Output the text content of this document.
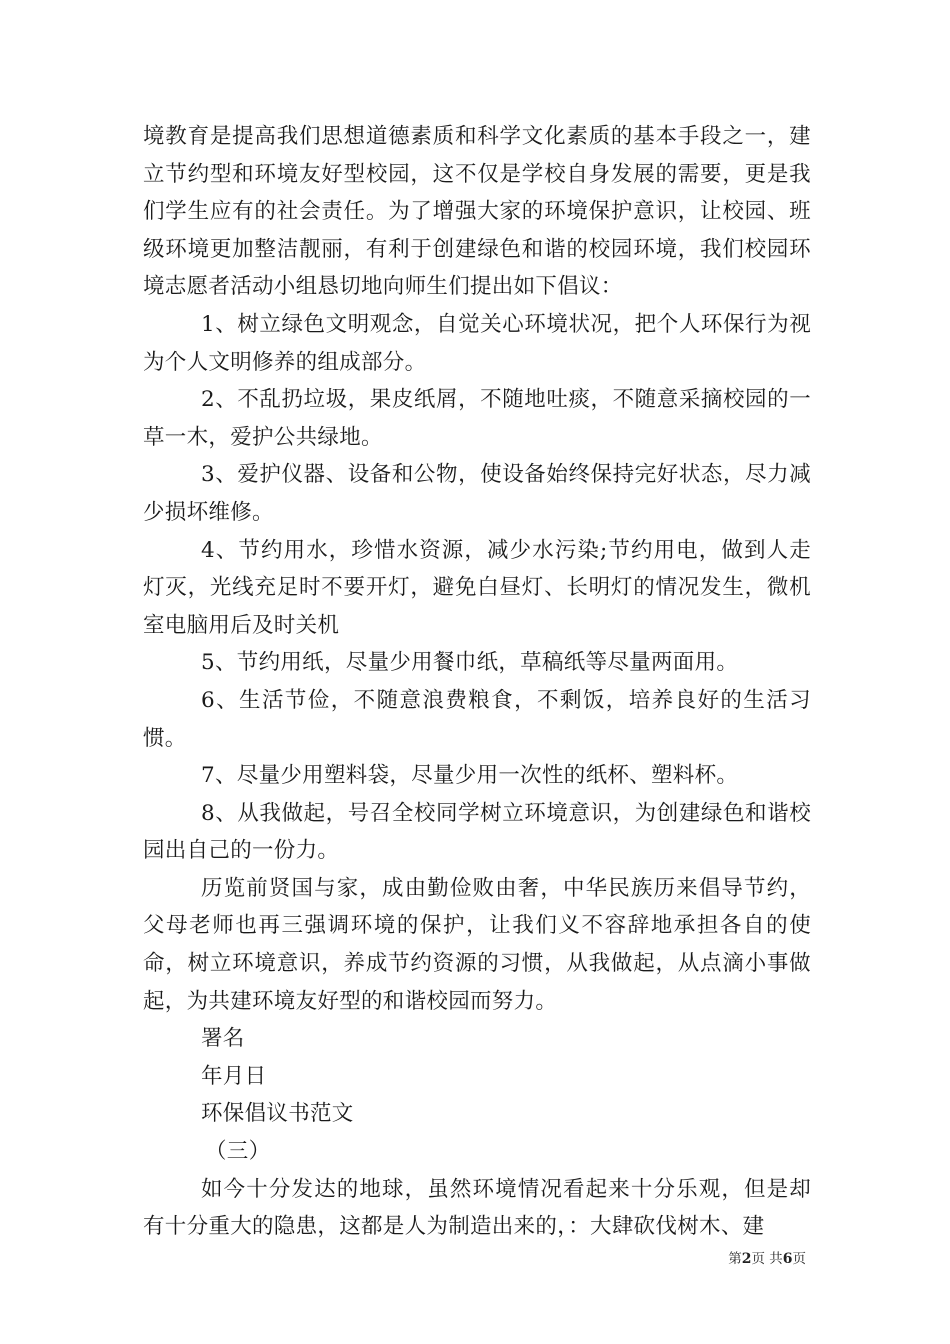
境教育是提高我们思想道德素质和科学文化素质的基本手段之一，建立节约型和环境友好型校园，这不仅是学校自身发展的需要，更是我们学生应有的社会责任。为了增强大家的环境保护意识，让校园、班级环境更加整洁靓丽，有利于创建绿色和谐的校园环境，我们校园环境志愿者活动小组恳切地向师生们提出如下倡议：

1、树立绿色文明观念，自觉关心环境状况，把个人环保行为视为个人文明修养的组成部分。

2、不乱扔垃圾，果皮纸屑，不随地吐痰，不随意采摘校园的一草一木，爱护公共绿地。

3、爱护仪器、设备和公物，使设备始终保持完好状态，尽力减少损坏维修。

4、节约用水，珍惜水资源，减少水污染;节约用电，做到人走灯灭，光线充足时不要开灯，避免白昼灯、长明灯的情况发生，微机室电脑用后及时关机

5、节约用纸，尽量少用餐巾纸，草稿纸等尽量两面用。

6、生活节俭，不随意浪费粮食，不剩饭，培养良好的生活习惯。

7、尽量少用塑料袋，尽量少用一次性的纸杯、塑料杯。

8、从我做起，号召全校同学树立环境意识，为创建绿色和谐校园出自己的一份力。

历览前贤国与家，成由勤俭败由奢，中华民族历来倡导节约，父母老师也再三强调环境的保护，让我们义不容辞地承担各自的使命，树立环境意识，养成节约资源的习惯，从我做起，从点滴小事做起，为共建环境友好型的和谐校园而努力。

署名

年月日

环保倡议书范文

（三）

如今十分发达的地球，虽然环境情况看起来十分乐观，但是却有十分重大的隐患，这都是人为制造出来的，：大肆砍伐树木、建

第2页 共6页
